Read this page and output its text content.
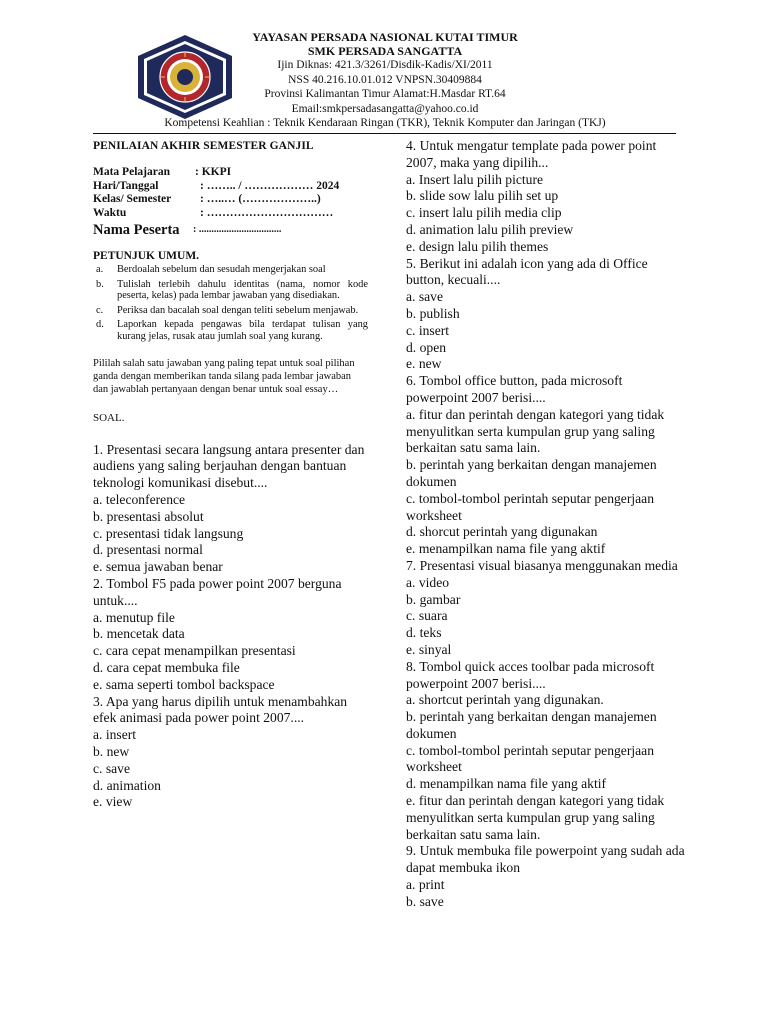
YAYASAN PERSADA NASIONAL KUTAI TIMUR
SMK PERSADA SANGATTA
Ijin Diknas: 421.3/3261/Disdik-Kadis/XI/2011
NSS 40.216.10.01.012 VNPSN.30409884
Provinsi Kalimantan Timur Alamat:H.Masdar RT.64
Email:smkpersadasangatta@yahoo.co.id
Kompetensi Keahlian : Teknik Kendaraan Ringan (TKR), Teknik Komputer dan Jaringan (TKJ)
PENILAIAN AKHIR SEMESTER GANJIL
Mata Pelajaran	: KKPI
Hari/Tanggal	: …….. / ……………… 2024
Kelas/ Semester	: …..… (………………..)
Waktu	: ……………………………
Nama Peserta	: .................................
PETUNJUK UMUM.
a.	Berdoalah sebelum dan sesudah mengerjakan soal
b.	Tulislah terlebih dahulu identitas (nama, nomor kode peserta, kelas) pada lembar jawaban yang disediakan.
c.	Periksa dan bacalah soal dengan teliti sebelum menjawab.
d.	Laporkan kepada pengawas bila terdapat tulisan yang kurang jelas, rusak atau jumlah soal yang kurang.
Pililah salah satu jawaban yang paling tepat untuk soal pilihan ganda dengan memberikan tanda silang pada lembar jawaban dan jawablah pertanyaan dengan benar untuk soal essay…
SOAL.
1. Presentasi secara langsung antara presenter dan audiens yang saling berjauhan dengan bantuan teknologi komunikasi disebut....
a. teleconference
b. presentasi absolut
c. presentasi tidak langsung
d. presentasi normal
e. semua jawaban benar
2. Tombol F5 pada power point 2007 berguna untuk....
a. menutup file
b. mencetak data
c. cara cepat menampilkan presentasi
d. cara cepat membuka file
e. sama seperti tombol backspace
3. Apa yang harus dipilih untuk menambahkan efek animasi pada power point 2007....
a. insert
b. new
c. save
d. animation
e. view
4. Untuk mengatur template pada power point 2007, maka yang dipilih...
a. Insert lalu pilih picture
b. slide sow lalu pilih set up
c. insert lalu pilih media clip
d. animation lalu pilih preview
e. design lalu pilih themes
5. Berikut ini adalah icon yang ada di Office button, kecuali....
a. save
b. publish
c. insert
d. open
e. new
6. Tombol office button, pada microsoft powerpoint 2007 berisi....
a. fitur dan perintah dengan kategori yang tidak menyulitkan serta kumpulan grup yang saling berkaitan satu sama lain.
b. perintah yang berkaitan dengan manajemen dokumen
c. tombol-tombol perintah seputar pengerjaan worksheet
d. shorcut perintah yang digunakan
e. menampilkan nama file yang aktif
7. Presentasi visual biasanya menggunakan media
a. video
b. gambar
c. suara
d. teks
e. sinyal
8. Tombol quick acces toolbar pada microsoft powerpoint 2007 berisi....
a. shortcut perintah yang digunakan.
b. perintah yang berkaitan dengan manajemen dokumen
c. tombol-tombol perintah seputar pengerjaan worksheet
d. menampilkan nama file yang aktif
e. fitur dan perintah dengan kategori yang tidak menyulitkan serta kumpulan grup yang saling berkaitan satu sama lain.
9. Untuk membuka file powerpoint yang sudah ada dapat membuka ikon
a. print
b. save
